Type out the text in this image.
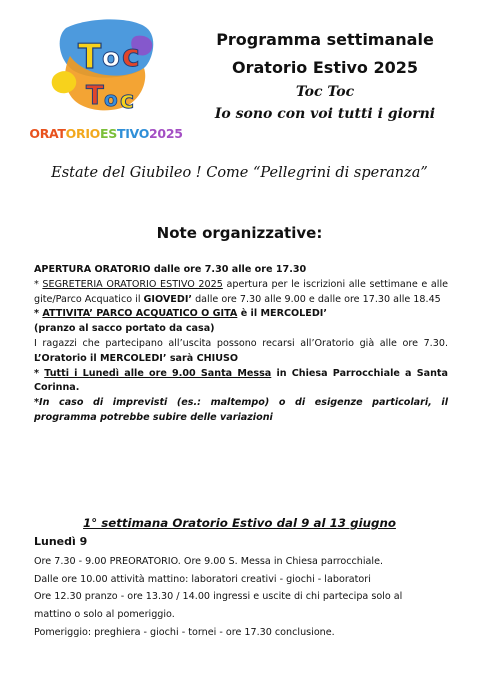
T o c
T o c
ORATORIOESTIVO2025
Programma settimanale
Oratorio Estivo 2025
Toc Toc
Io sono con voi tutti i giorni
Estate del Giubileo ! Come “Pellegrini di speranza”
Note organizzative:

APERTURA ORATORIO dalle ore 7.30 alle ore 17.30

* SEGRETERIA ORATORIO ESTIVO 2025 apertura per le iscrizioni alle settimane e alle gite/Parco Acquatico il GIOVEDI’ dalle ore 7.30 alle 9.00 e dalle ore 17.30 alle 18.45

* ATTIVITA’ PARCO ACQUATICO O GITA è il MERCOLEDI’

(pranzo al sacco portato da casa)

I ragazzi che partecipano all’uscita possono recarsi all’Oratorio già alle ore 7.30. L’Oratorio il MERCOLEDI’ sarà CHIUSO

* Tutti i Lunedì alle ore 9.00 Santa Messa in Chiesa Parrocchiale a Santa Corinna.

*In caso di imprevisti (es.: maltempo) o di esigenze particolari, il programma potrebbe subire delle variazioni

1° settimana Oratorio Estivo dal 9 al 13 giugno
Lunedì 9
Ore 7.30 - 9.00 PREORATORIO. Ore 9.00 S. Messa in Chiesa parrocchiale.
Dalle ore 10.00 attività mattino: laboratori creativi - giochi - laboratori
Ore 12.30 pranzo - ore 13.30 / 14.00 ingressi e uscite di chi partecipa solo al
mattino o solo al pomeriggio.
Pomeriggio: preghiera - giochi - tornei - ore 17.30 conclusione.
